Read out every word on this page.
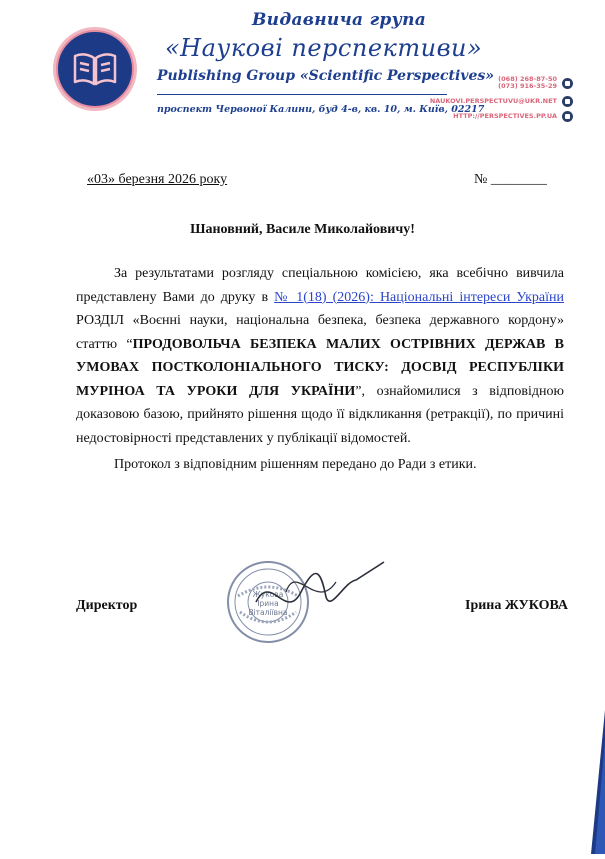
Видавнича група
«Наукові перспективи»
Publishing Group «Scientific Perspectives»
проспект Червоної Калини, буд 4-в, кв. 10, м. Київ, 02217
(068) 268-87-50
(073) 916-35-29
NAUKOVI.PERSPECTUVU@UKR.NET
HTTP://PERSPECTIVES.PP.UA
«03» березня 2026 року	№ ________
Шановний, Василе Миколайовичу!

За результатами розгляду спеціальною комісією, яка всебічно вивчила представлену Вами до друку в № 1(18) (2026): Національні інтереси України РОЗДІЛ «Воєнні науки, національна безпека, безпека державного кордону» статтю “ПРОДОВОЛЬЧА БЕЗПЕКА МАЛИХ ОСТРІВНИХ ДЕРЖАВ В УМОВАХ ПОСТКОЛОНІАЛЬНОГО ТИСКУ: ДОСВІД РЕСПУБЛІКИ МУРІНОА ТА УРОКИ ДЛЯ УКРАЇНИ”, ознайомилися з відповідною доказовою базою, прийнято рішення щодо її відкликання (ретракції), по причині недостовірності представлених у публікації відомостей.

Протокол з відповідним рішенням передано до Ради з етики.

Директор
Жукова
Ірина
Віталіївна	Ірина ЖУКОВА
